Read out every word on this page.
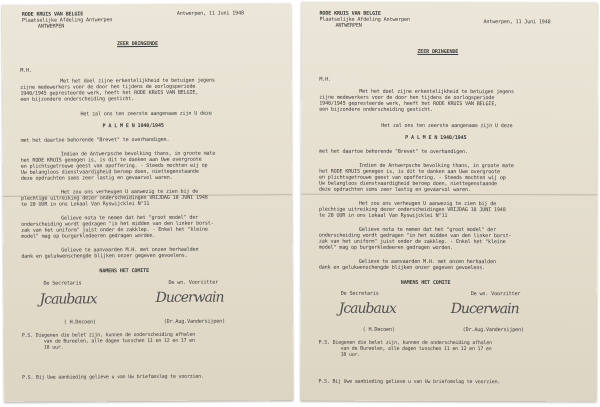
RODE KRUIS VAN BELGIE
Plaatselijke Afdeling Antwerpen
ANTWERPEN
Antwerpen, 11 Juni 1948
ZEER DRINGENDE
M.H.
Met het doel zijne erkentelijkheid te betuigen jegens
zijne medewerkers voor de door hen tijdens de oorlogsperiode
1940/1945 gepresteerde werk, heeft het RODE KRUIS VAN BELGIE,
een bijzondere onderscheiding gesticht.
Het zal ons ten zeerste aangenaam zijn U deze
P A L M E N 1940/1945
met het daartoe behorende "Brevet" te overhandigen.
Indien de Antwerpsche bevolking thans, in groote mate
het RODE KRUIS genegen is, is dit te danken aan Uwe overgroote
en plichtsgetrouwe geest van opoffering. - Steeds mochten wij op
Uw belangloos dienstvaardigheid beroep doen, niettegenstaande
deze opdrachten soms zeer lastig en gevaarvol waren.
Het zou ons verheugen U aanwezig te zien bij de
plechtige uitreiking dezer onderscheidingen VRIJDAG 18 JUNI 1948
te 20 UUR in ons Lokaal Van Ryswijcklei N°11
Gelieve nota te nemen dat het "groot model" der
onderscheiding wordt gedragen "in het midden van den linker borst-
zak van het uniform" juist onder de zakklep. - Enkel het "kleine
model" mag op burgerkledeeren gedragen worden.
Gelieve te aanvaarden M.H. met onzen herhaalden
dank en gelukwenschengde blijken onzer gegeven gevoelens.
NAMENS HET COMITE
De Secretaris	De wn. Voorzitter
Jcaubaux	Ducerwain
( H.Decoen)	(Dr.Aug.Vandersijpen)
P.S. Diegenen die belet zijn, kunnen de onderscheiding afhalen
van de Bureelen, alle dagen tusschen 11 en 12 en 17 en
18 uur.
P.S. Bij Uwe aanbieding gelieve u van Uw briefomslag te voorzien.
RODE KRUIS VAN BELGIE
Plaatselijke Afdeling Antwerpen
ANTWERPEN
Antwerpen, 11 Juni 1948
ZEER DRINGENDE
M.H.
Met het doel zijne erkentelijkheid te betuigen jegens
zijne medewerkers voor de door hen tijdens de oorlogsperiode
1940/1945 gepresteerde werk, heeft het RODE KRUIS VAN BELGIE,
een bijzondere onderscheiding gesticht.
Het zal ons ten zeerste aangenaam zijn U deze
P A L M E N 1940/1945
met het daartoe behorende "Brevet" te overhandigen.
Indien de Antwerpsche bevolking thans, in groote mate
het RODE KRUIS genegen is, is dit te danken aan Uwe overgroote
en plichtsgetrouwe geest van opoffering. - Steeds mochten wij op
Uw belangloos dienstvaardigheid beroep doen, niettegenstaande
deze opdrachten soms zeer lastig en gevaarvol waren.
Het zou ons verheugen U aanwezig te zien bij de
plechtige uitreiking dezer onderscheidingen VRIJDAG 18 JUNI 1948
te 20 UUR in ons Lokaal Van Ryswijcklei N°11
Gelieve nota te nemen dat het "groot model" der
onderscheiding wordt gedragen "in het midden van den linker borst-
zak van het uniform" juist onder de zakklep. - Enkel het "kleine
model" mag op burgerkledeeren gedragen worden.
Gelieve te aanvaarden M.H. met onzen herhaalden
dank en gelukwenschengde blijken onzer gegeven gevoelens.
NAMENS HET COMITE
De Secretaris	De wn. Voorzitter
Jcaubaux	Ducerwain
( H.Decoen)	(Dr.Aug.Vandersijpen)
P.S. Diegenen die belet zijn, kunnen de onderscheiding afhalen
van de Bureelen, alle dagen tusschen 11 en 12 en 17 en
18 uur.
P.S. Bij Uwe aanbieding gelieve u van Uw briefomslag te voorzien.
